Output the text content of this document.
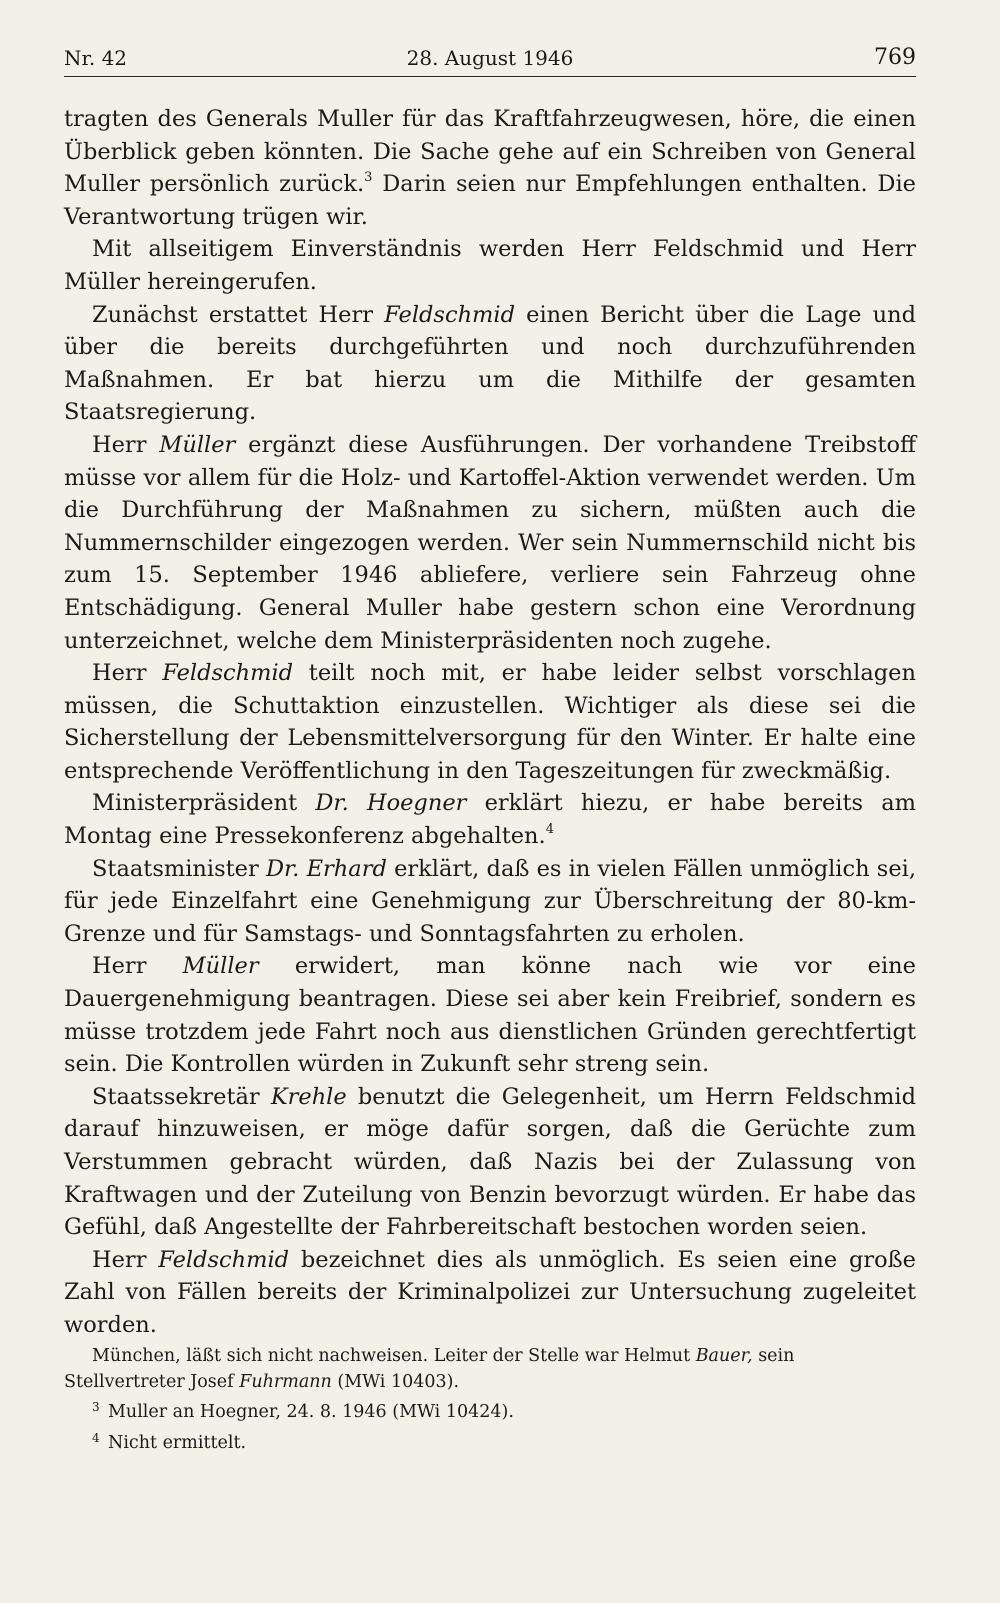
Nr. 42	28. August 1946	769

tragten des Generals Muller für das Kraftfahrzeugwesen, höre, die einen Überblick geben könnten. Die Sache gehe auf ein Schreiben von General Muller persönlich zurück.$^3$ Darin seien nur Empfehlungen enthalten. Die Verantwortung trügen wir.

Mit allseitigem Einverständnis werden Herr Feldschmid und Herr Müller hereingerufen.

Zunächst erstattet Herr Feldschmid einen Bericht über die Lage und über die bereits durchgeführten und noch durchzuführenden Maßnahmen. Er bat hierzu um die Mithilfe der gesamten Staatsregierung.

Herr Müller ergänzt diese Ausführungen. Der vorhandene Treibstoff müsse vor allem für die Holz- und Kartoffel-Aktion verwendet werden. Um die Durchführung der Maßnahmen zu sichern, müßten auch die Nummernschilder eingezogen werden. Wer sein Nummernschild nicht bis zum 15. September 1946 abliefere, verliere sein Fahrzeug ohne Entschädigung. General Muller habe gestern schon eine Verordnung unterzeichnet, welche dem Ministerpräsidenten noch zugehe.

Herr Feldschmid teilt noch mit, er habe leider selbst vorschlagen müssen, die Schuttaktion einzustellen. Wichtiger als diese sei die Sicherstellung der Lebensmittelversorgung für den Winter. Er halte eine entsprechende Veröffentlichung in den Tageszeitungen für zweckmäßig.

Ministerpräsident Dr. Hoegner erklärt hiezu, er habe bereits am Montag eine Pressekonferenz abgehalten.$^4$

Staatsminister Dr. Erhard erklärt, daß es in vielen Fällen unmöglich sei, für jede Einzelfahrt eine Genehmigung zur Überschreitung der 80-km-Grenze und für Samstags- und Sonntagsfahrten zu erholen.

Herr Müller erwidert, man könne nach wie vor eine Dauergenehmigung beantragen. Diese sei aber kein Freibrief, sondern es müsse trotzdem jede Fahrt noch aus dienstlichen Gründen gerechtfertigt sein. Die Kontrollen würden in Zukunft sehr streng sein.

Staatssekretär Krehle benutzt die Gelegenheit, um Herrn Feldschmid darauf hinzuweisen, er möge dafür sorgen, daß die Gerüchte zum Verstummen gebracht würden, daß Nazis bei der Zulassung von Kraftwagen und der Zuteilung von Benzin bevorzugt würden. Er habe das Gefühl, daß Angestellte der Fahrbereitschaft bestochen worden seien.

Herr Feldschmid bezeichnet dies als unmöglich. Es seien eine große Zahl von Fällen bereits der Kriminalpolizei zur Untersuchung zugeleitet worden.

München, läßt sich nicht nachweisen. Leiter der Stelle war Helmut Bauer, sein Stellvertreter Josef Fuhrmann (MWi 10403).

3 Muller an Hoegner, 24. 8. 1946 (MWi 10424).

4 Nicht ermittelt.
